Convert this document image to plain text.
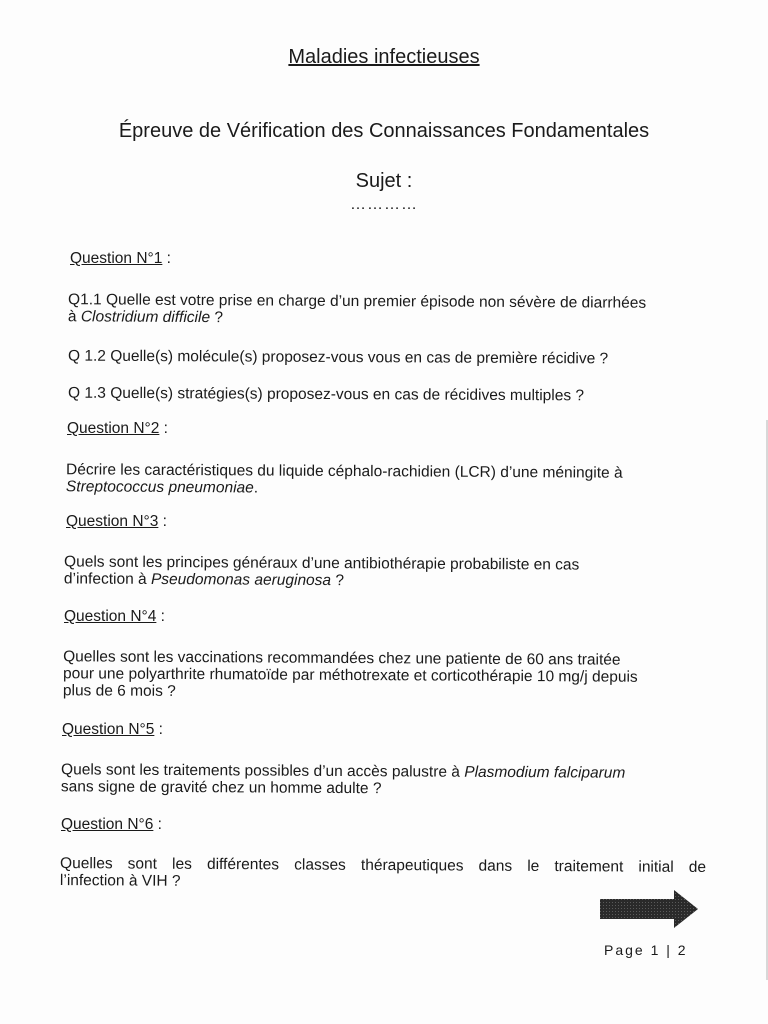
Maladies infectieuses
Épreuve de Vérification des Connaissances Fondamentales
Sujet :
…………
Question N°1 :
Q1.1 Quelle est votre prise en charge d’un premier épisode non sévère de diarrhées
à Clostridium difficile ?
Q 1.2 Quelle(s) molécule(s) proposez-vous vous en cas de première récidive ?
Q 1.3 Quelle(s) stratégies(s) proposez-vous en cas de récidives multiples ?
Question N°2 :
Décrire les caractéristiques du liquide céphalo-rachidien (LCR) d’une méningite à
Streptococcus pneumoniae.
Question N°3 :
Quels sont les principes généraux d’une antibiothérapie probabiliste en cas
d’infection à Pseudomonas aeruginosa ?
Question N°4 :
Quelles sont les vaccinations recommandées chez une patiente de 60 ans traitée
pour une polyarthrite rhumatoïde par méthotrexate et corticothérapie 10 mg/j depuis
plus de 6 mois ?
Question N°5 :
Quels sont les traitements possibles d’un accès palustre à Plasmodium falciparum
sans signe de gravité chez un homme adulte ?
Question N°6 :
Quelles sont les différentes classes thérapeutiques dans le traitement initial de
l’infection à VIH ?
Page 1 | 2
